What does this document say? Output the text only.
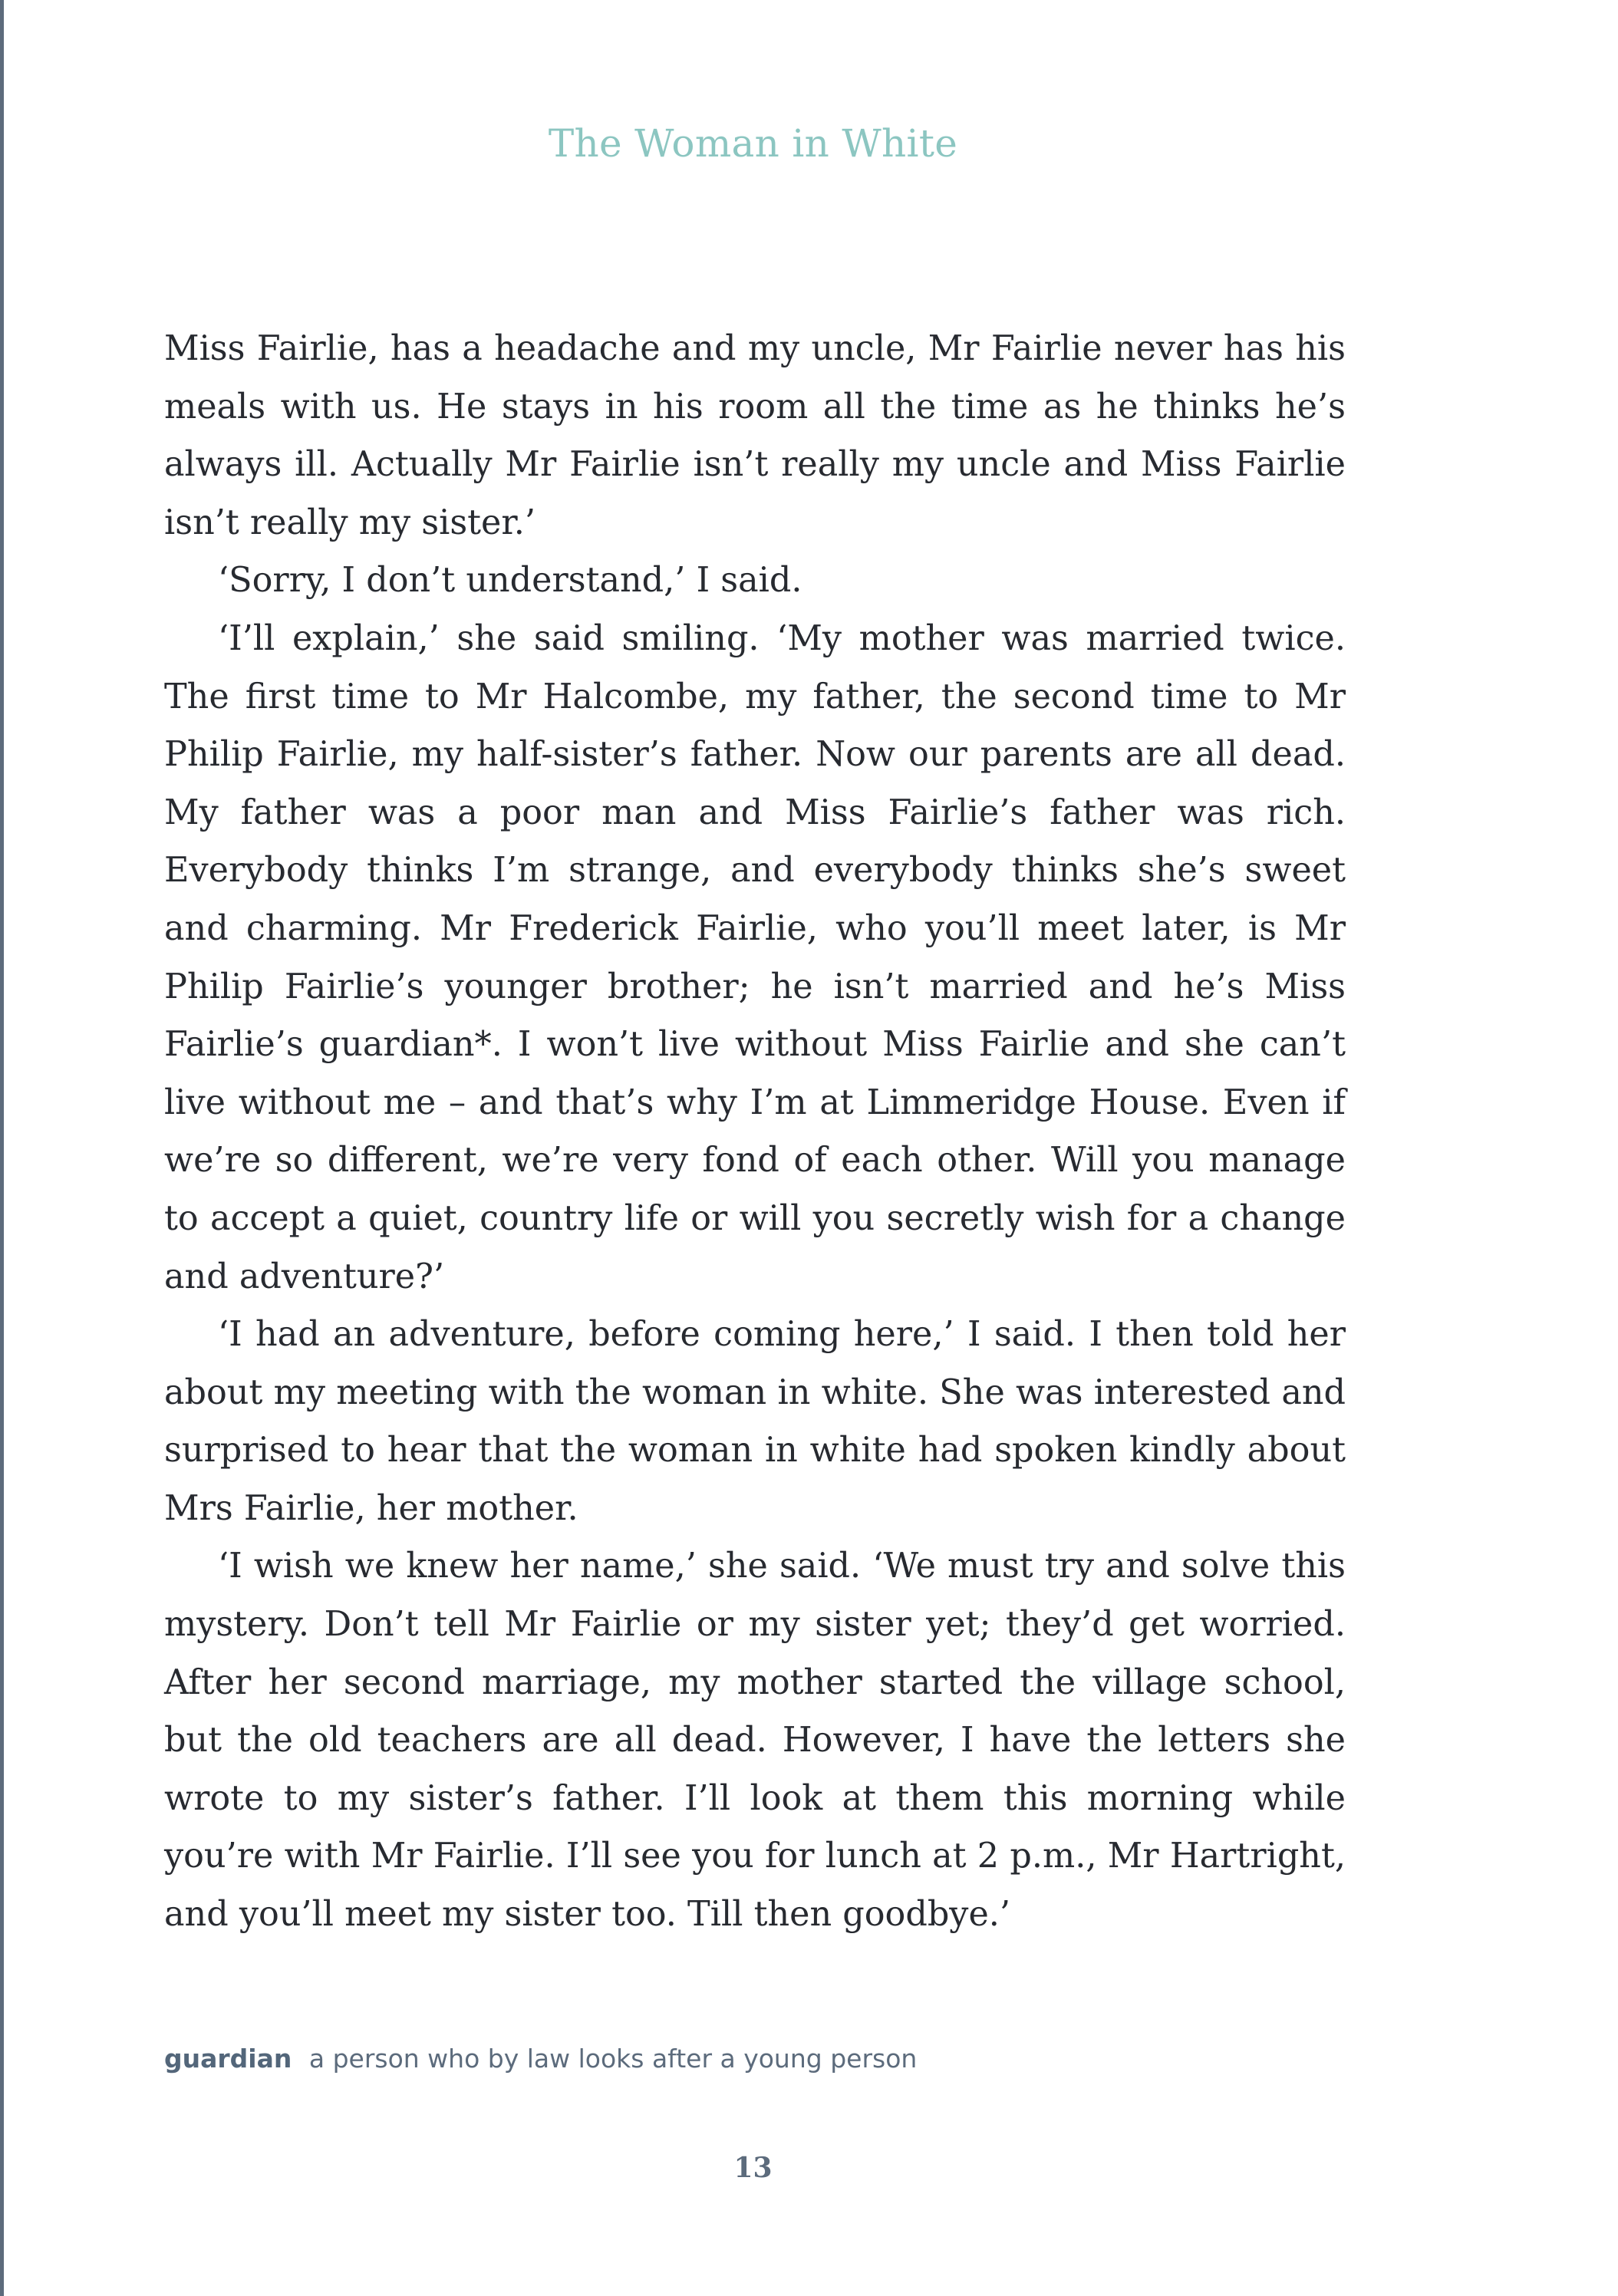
The Woman in White

Miss Fairlie, has a headache and my uncle, Mr Fairlie never has his meals with us. He stays in his room all the time as he thinks he’s always ill. Actually Mr Fairlie isn’t really my uncle and Miss Fairlie isn’t really my sister.’

‘Sorry, I don’t understand,’ I said.

‘I’ll explain,’ she said smiling. ‘My mother was married twice. The first time to Mr Halcombe, my father, the second time to Mr Philip Fairlie, my half-sister’s father. Now our parents are all dead. My father was a poor man and Miss Fairlie’s father was rich. Everybody thinks I’m strange, and everybody thinks she’s sweet and charming. Mr Frederick Fairlie, who you’ll meet later, is Mr Philip Fairlie’s younger brother; he isn’t married and he’s Miss Fairlie’s guardian*. I won’t live without Miss Fairlie and she can’t live without me – and that’s why I’m at Limmeridge House. Even if we’re so different, we’re very fond of each other. Will you manage to accept a quiet, country life or will you secretly wish for a change and adventure?’

‘I had an adventure, before coming here,’ I said. I then told her about my meeting with the woman in white. She was interested and surprised to hear that the woman in white had spoken kindly about Mrs Fairlie, her mother.

‘I wish we knew her name,’ she said. ‘We must try and solve this mystery. Don’t tell Mr Fairlie or my sister yet; they’d get worried. After her second marriage, my mother started the village school, but the old teachers are all dead. However, I have the letters she wrote to my sister’s father. I’ll look at them this morning while you’re with Mr Fairlie. I’ll see you for lunch at 2 p.m., Mr Hartright, and you’ll meet my sister too. Till then goodbye.’

guardian a person who by law looks after a young person
13
